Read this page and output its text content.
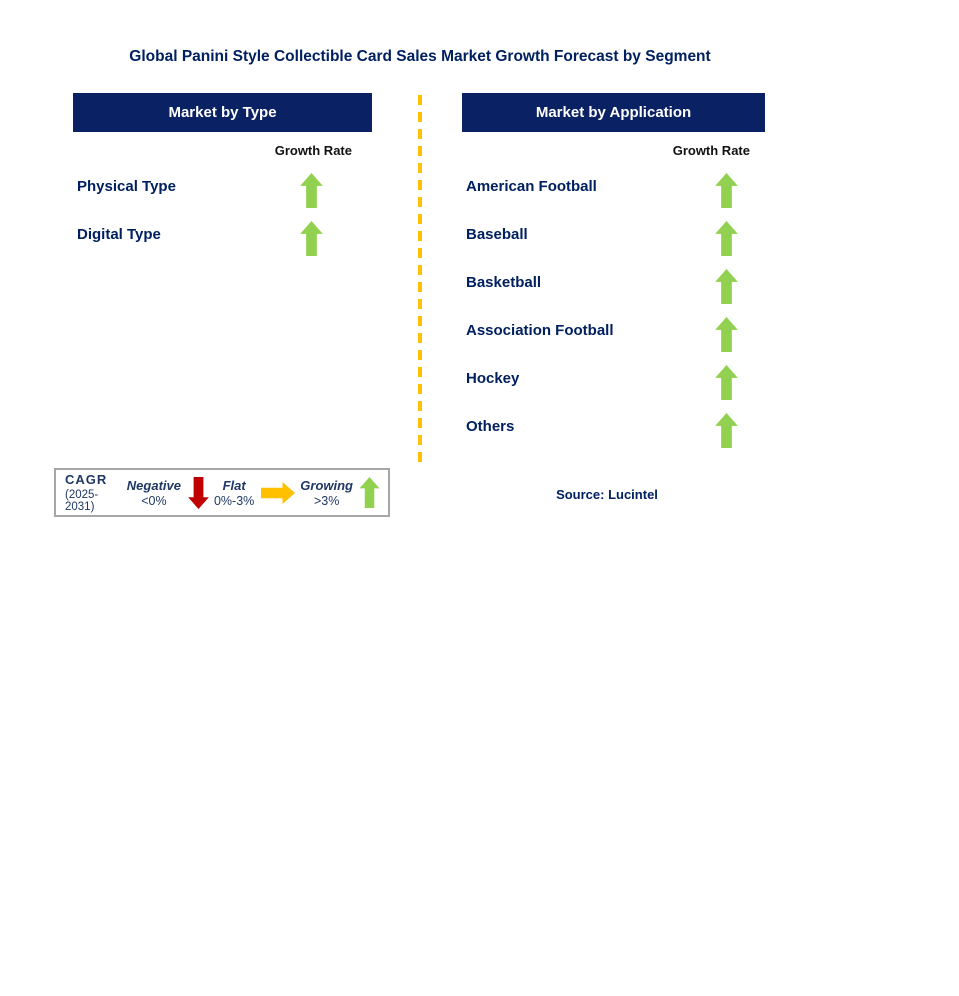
Global Panini Style Collectible Card Sales Market Growth Forecast by Segment
Market by Type
Growth Rate
Physical Type
Digital Type
Market by Application
Growth Rate
American Football
Baseball
Basketball
Association Football
Hockey
Others
CAGR
(2025-2031)
Negative
<0%
Flat
0%-3%
Growing
>3%	Source: Lucintel
